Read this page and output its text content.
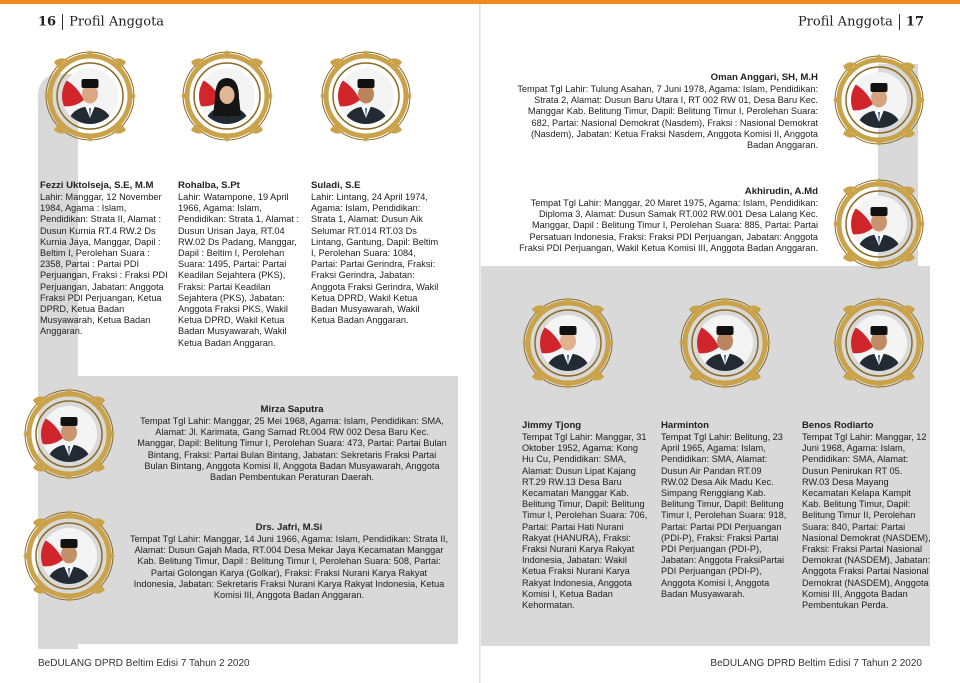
16 Profil Anggota
BeDULANG DPRD Beltim Edisi 7 Tahun 2 2020
Profil Anggota 17
BeDULANG DPRD Beltim Edisi 7 Tahun 2 2020
Fezzi Uktolseja, S.E, M.M
Lahir: Manggar, 12 November 1984, Agama : Islam, Pendidikan: Strata II, Alamat : Dusun Kurnia RT.4 RW.2 Ds Kurnia Jaya, Manggar, Dapil : Beltim I, Perolehan Suara : 2358, Partai : Partai PDI Perjuangan, Fraksi : Fraksi PDI Perjuangan, Jabatan: Anggota Fraksi PDI Perjuangan, Ketua DPRD, Ketua Badan Musyawarah, Ketua Badan Anggaran.
Rohalba, S.Pt
Lahir: Watampone, 19 April 1966, Agama: Islam, Pendidikan: Strata 1, Alamat : Dusun Urisan Jaya, RT.04 RW.02 Ds Padang, Manggar, Dapil : Beltim I, Perolehan Suara: 1495, Partai: Partai Keadilan Sejahtera (PKS), Fraksi: Partai Keadilan Sejahtera (PKS), Jabatan: Anggota Fraksi PKS, Wakil Ketua DPRD, Wakil Ketua Badan Musyawarah, Wakil Ketua Badan Anggaran.
Suladi, S.E
Lahir: Lintang, 24 April 1974, Agama: Islam, Pendidikan: Strata 1, Alamat: Dusun Aik Selumar RT.014 RT.03 Ds Lintang, Gantung, Dapil: Beltim I, Perolehan Suara: 1084, Partai: Partai Gerindra, Fraksi: Fraksi Gerindra, Jabatan: Anggota Fraksi Gerindra, Wakil Ketua DPRD, Wakil Ketua Badan Musyawarah, Wakil Ketua Badan Anggaran.
Mirza Saputra
Tempat Tgl Lahir: Manggar, 25 Mei 1968, Agama: Islam, Pendidikan: SMA, Alamat: Jl. Karimata, Gang Samad Rt.004 RW 002 Desa Baru Kec. Manggar, Dapil: Belitung Timur I, Perolehan Suara: 473, Partai: Partai Bulan Bintang, Fraksi: Partai Bulan Bintang, Jabatan: Sekretaris Fraksi Partai Bulan Bintang, Anggota Komisi II, Anggota Badan Musyawarah, Anggota Badan Pembentukan Peraturan Daerah.
Drs. Jafri, M.Si
Tempat Tgl Lahir: Manggar, 14 Juni 1966, Agama: Islam, Pendidikan: Strata II, Alamat: Dusun Gajah Mada, RT.004 Desa Mekar Jaya Kecamatan Manggar Kab. Belitung Timur, Dapil : Belitung Timur I, Perolehan Suara: 508, Partai: Partai Golongan Karya (Golkar), Fraksi: Fraksi Nurani Karya Rakyat Indonesia, Jabatan: Sekretaris Fraksi Nurani Karya Rakyat Indonesia, Ketua Komisi III, Anggota Badan Anggaran.
Oman Anggari, SH, M.H
Tempat Tgl Lahir: Tulung Asahan, 7 Juni 1978, Agama: Islam, Pendidikan: Strata 2, Alamat: Dusun Baru Utara I, RT 002 RW 01, Desa Baru Kec. Manggar Kab. Belitung Timur, Dapil: Belitung Timur I, Perolehan Suara: 682, Partai: Nasional Demokrat (Nasdem), Fraksi : Nasional Demokrat (Nasdem), Jabatan: Ketua Fraksi Nasdem, Anggota Komisi II, Anggota Badan Anggaran.
Akhirudin, A.Md
Tempat Tgl Lahir: Manggar, 20 Maret 1975, Agama: Islam, Pendidikan: Diploma 3, Alamat: Dusun Samak RT.002 RW.001 Desa Lalang Kec. Manggar, Dapil : Belitung Timur I, Perolehan Suara: 885, Partai: Partai Persatuan Indonesia, Fraksi: Fraksi PDI Perjuangan, Jabatan: Anggota Fraksi PDI Perjuangan, Wakil Ketua Komisi III, Anggota Badan Anggaran.
Jimmy Tjong
Tempat Tgl Lahir: Manggar, 31 Oktober 1952, Agama: Kong Hu Cu, Pendidikan: SMA, Alamat: Dusun Lipat Kajang RT.29 RW.13 Desa Baru Kecamatan Manggar Kab. Belitung Timur, Dapil: Belitung Timur I, Perolehan Suara: 706, Partai: Partai Hati Nurani Rakyat (HANURA), Fraksi: Fraksi Nurani Karya Rakyat Indonesia, Jabatan: Wakil Ketua Fraksi Nurani Karya Rakyat Indonesia, Anggota Komisi I, Ketua Badan Kehormatan.
Harminton
Tempat Tgl Lahir: Belitung, 23 April 1965, Agama: Islam, Pendidikan: SMA, Alamat: Dusun Air Pandan RT.09 RW.02 Desa Aik Madu Kec. Simpang Renggiang Kab. Belitung Timur, Dapil: Belitung Timur I, Perolehan Suara: 918, Partai: Partai PDI Perjuangan (PDI-P), Fraksi: Fraksi Partai PDI Perjuangan (PDI-P), Jabatan: Anggota FraksiPartai PDI Perjuangan (PDI-P), Anggota Komisi I, Anggota Badan Musyawarah.
Benos Rodiarto
Tempat Tgl Lahir: Manggar, 12 Juni 1968, Agama: Islam, Pendidikan: SMA, Alamat: Dusun Penirukan RT 05. RW.03 Desa Mayang Kecamatan Kelapa Kampit Kab. Belitung Timur, Dapil: Belitung Timur II, Perolehan Suara: 840, Partai: Partai Nasional Demokrat (NASDEM), Fraksi: Fraksi Partai Nasional Demokrat (NASDEM), Jabatan: Anggota Fraksi Partai Nasional Demokrat (NASDEM), Anggota Komisi III, Anggota Badan Pembentukan Perda.
